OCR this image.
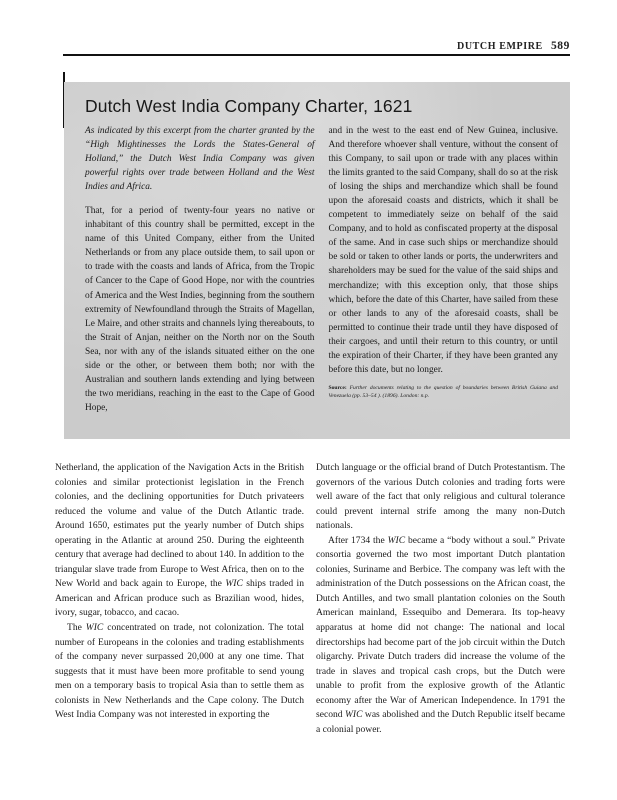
DUTCH EMPIRE 589
Dutch West India Company Charter, 1621

As indicated by this excerpt from the charter granted by the “High Mightinesses the Lords the States-General of Holland,” the Dutch West India Company was given powerful rights over trade between Holland and the West Indies and Africa.

That, for a period of twenty-four years no native or inhabitant of this country shall be permitted, except in the name of this United Company, either from the United Netherlands or from any place outside them, to sail upon or to trade with the coasts and lands of Africa, from the Tropic of Cancer to the Cape of Good Hope, nor with the countries of America and the West Indies, beginning from the southern extremity of Newfoundland through the Straits of Magellan, Le Maire, and other straits and channels lying thereabouts, to the Strait of Anjan, neither on the North nor on the South Sea, nor with any of the islands situated either on the one side or the other, or between them both; nor with the Australian and southern lands extending and lying between the two meridians, reaching in the east to the Cape of Good Hope,

and in the west to the east end of New Guinea, inclusive. And therefore whoever shall venture, without the consent of this Company, to sail upon or trade with any places within the limits granted to the said Company, shall do so at the risk of losing the ships and merchandize which shall be found upon the aforesaid coasts and districts, which it shall be competent to immediately seize on behalf of the said Company, and to hold as confiscated property at the disposal of the same. And in case such ships or merchandize should be sold or taken to other lands or ports, the underwriters and shareholders may be sued for the value of the said ships and merchandize; with this exception only, that those ships which, before the date of this Charter, have sailed from these or other lands to any of the aforesaid coasts, shall be permitted to continue their trade until they have disposed of their cargoes, and until their return to this country, or until the expiration of their Charter, if they have been granted any before this date, but no longer.

Source: Further documents relating to the question of boundaries between British Guiana and Venezuela (pp. 53–54 ). (1896). London: n.p.

Netherland, the application of the Navigation Acts in the British colonies and similar protectionist legislation in the French colonies, and the declining opportunities for Dutch privateers reduced the volume and value of the Dutch Atlantic trade. Around 1650, estimates put the yearly number of Dutch ships operating in the Atlantic at around 250. During the eighteenth century that average had declined to about 140. In addition to the triangular slave trade from Europe to West Africa, then on to the New World and back again to Europe, the WIC ships traded in American and African produce such as Brazilian wood, hides, ivory, sugar, tobacco, and cacao.

The WIC concentrated on trade, not colonization. The total number of Europeans in the colonies and trading establishments of the company never surpassed 20,000 at any one time. That suggests that it must have been more profitable to send young men on a temporary basis to tropical Asia than to settle them as colonists in New Netherlands and the Cape colony. The Dutch West India Company was not interested in exporting the

Dutch language or the official brand of Dutch Protestantism. The governors of the various Dutch colonies and trading forts were well aware of the fact that only religious and cultural tolerance could prevent internal strife among the many non-Dutch nationals.

After 1734 the WIC became a “body without a soul.” Private consortia governed the two most important Dutch plantation colonies, Suriname and Berbice. The company was left with the administration of the Dutch possessions on the African coast, the Dutch Antilles, and two small plantation colonies on the South American mainland, Essequibo and Demerara. Its top-heavy apparatus at home did not change: The national and local directorships had become part of the job circuit within the Dutch oligarchy. Private Dutch traders did increase the volume of the trade in slaves and tropical cash crops, but the Dutch were unable to profit from the explosive growth of the Atlantic economy after the War of American Independence. In 1791 the second WIC was abolished and the Dutch Republic itself became a colonial power.
